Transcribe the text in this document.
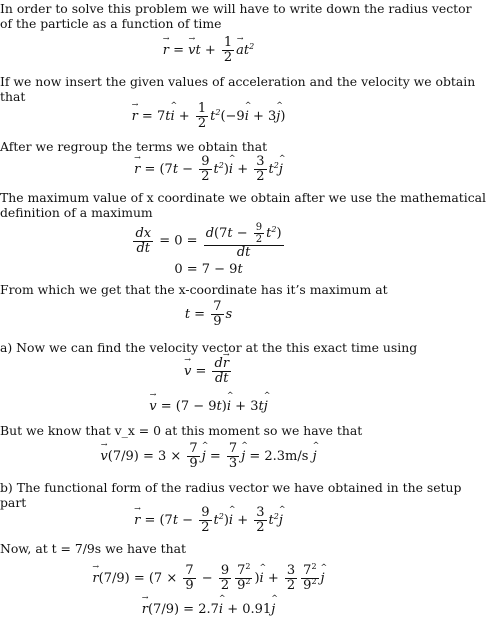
In order to solve this problem we will have to write down the radius vector
of the particle as a function of time
r → = $v \to t + \frac{1}{2}$ $a \to t^2$
If we now insert the given values of acceleration and the velocity we obtain
that
r → = 7ti ^ + $\frac{1}{2} t^2(-9i$ ^ + 3j ^)
After we regroup the terms we obtain that
r → = $(7t - \frac{9}{2} t^2)i$ ^ + $\frac{3}{2} t^2j$ ^
The maximum value of x coordinate we obtain after we use the mathematical
definition of a maximum
$\frac{dx}{dt} = 0 = \frac{d(7t - \frac{9}{2} t^2)}{dt}$
0 = 7 − 9t
From which we get that the x-coordinate has it’s maximum at
$t = \frac{7}{9}$ s
a) Now we can find the velocity vector at the this exact time using
v → = $\frac{dr \to}{dt}$
v → = (7 − 9t)i ^ + 3tj ^
But we know that v_x = 0 at this moment so we have that
$v \to(7/9) = 3 \times \frac{7}{9}$ j ^ = $\frac{7}{3}$ j ^ = 2.3m/s j ^
b) The functional form of the radius vector we have obtained in the setup
part
r → = $(7t - \frac{9}{2} t^2)i$ ^ + $\frac{3}{2} t^2j$ ^
Now, at t = 7/9s we have that
$r \to(7/9) = (7 \times \frac{7}{9} - \frac{9}{2} \frac{7^2}{9^2} )i$ ^ + $\frac{3}{2} \frac{7^2}{9^2}$ j ^
r →(7/9) = 2.7i ^ + 0.91j ^
